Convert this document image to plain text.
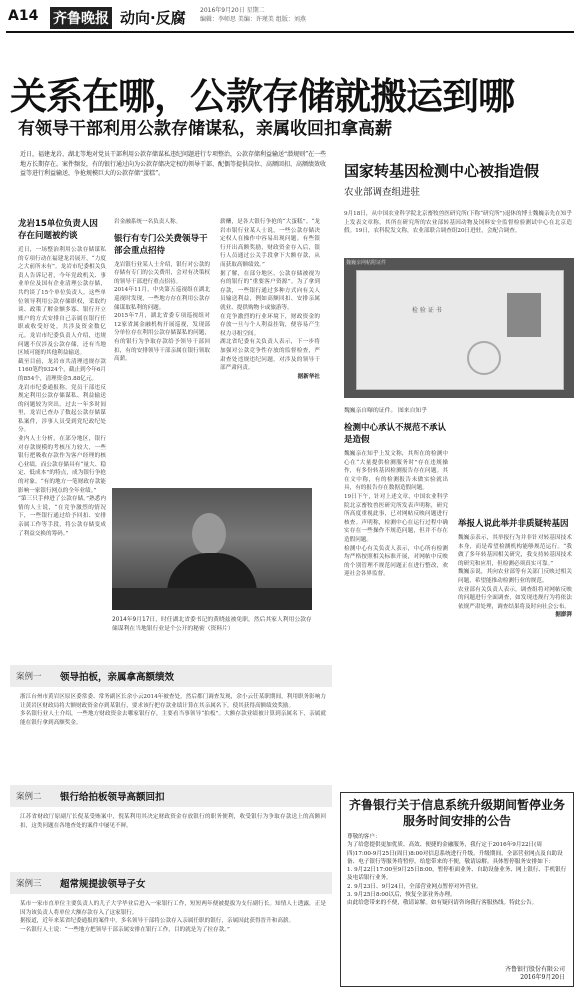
A14 齐鲁晚报 动向·反腐 2016年9月20日 星期二
编辑：李师思 美编：许瑾美 组版：刘燕
关系在哪，公款存储就搬运到哪
有领导干部利用公款存储谋私，亲属收回扣拿高薪
近日，福建龙岩、湖北等地对党员干部利用公款存储谋私违纪问题进行专项整治，公款存储利益输送“潜规则”在一些地方长期存在。案件频发，有的银行通过向为公款存储决定权的领导干部、配偶等提供岗位、高额回扣、高额绩效收益等进行利益输送，争抢规模巨大的公款存储“蛋糕”。
龙岩15单位负责人因存在问题被约谈
近日，一场整治利用公款存储谋私的专项行动在福建龙岩展开，“力度之大前所未有”。龙岩市纪委相关负责人告诉记者，今年党政机关、事业单位及国有企业清理公款存储，共约谈了15个单位负责人。这些单位领导利用公款存储职权，采取约谈、政策了解金额多寡、银行开立账户的方式安排自己亲属在银行任职或收受好处，共涉及资金数亿元。龙岩市纪委负责人介绍，违规问题不仅涉及公款存储，还有当地区域可能的其他利益输送。
截至目前，龙岩市共清理违规存款1160笔约9324个，截止到今年6月的854个，清理资金5.88亿元。
龙岩市纪委通报称，党员干部违反规定利用公款存储谋私、利益输送的问题较为突出。过去一年多时间里，龙岩已查办了数起公款存储谋私案件，涉事人员受到党纪政纪处分。
业内人士分析，在部分地区，银行对存款规模的考核压力较大，一些银行把吸收存款作为客户经理的核心业绩，而公款存储具有“量大、稳定、低成本”的特点，成为银行争抢的对象。“有的地方一笔财政存款能影响一家银行网点的全年业绩。”
“第三只手伸进了公款存储。”熟悉内情的人士说，“在竞争激烈的情况下，一些银行通过给予回扣、安排亲属工作等手段，将公款存储变成了利益交换的筹码。”
岩金融系统一名负责人称。
银行有专门公关费领导干部会重点招待
龙岩银行业某人士介绍，银行对公款的存储有专门的公关费用，会对有决策权的领导干部进行重点招待。
2014年11月，中央第五巡视组在湖北巡视时发现，一些地方存在利用公款存储谋取私利的问题。
2015年7月，湖北省委专项巡视组对12家省属金融机构开展巡视，发现部分单位存在利用公款存储谋私的问题，有的银行为争取存款给予领导干部回扣，有的安排领导干部亲属在银行领取高薪。
薪酬，是各大银行争抢的“大蛋糕”。“龙岩市银行业某人士说，一些公款存储决定权人在操作中容易出现问题。有些银行开出高额奖励，财政资金存入后，银行人员通过公关手段拿下大额存款，从而获取高额绩效。”
据了解，在部分地区，公款存储被视为有的银行的“重要客户资源”。为了拿到存款，一些银行通过多种方式向有关人员输送利益，例如高额回扣、安排亲属就业、提供购物卡或旅游等。
在竞争激烈的行业环境下，财政资金的存放一旦与个人利益挂钩，便容易产生权力寻租空间。
湖北省纪委有关负责人表示，下一步将加强对公款竞争性存放的监督检查，严肃查处违规违纪问题，对涉及的领导干部严肃问责。
据新华社
2014年9月17日，时任湖北省委书记的黄晓兹被免职，然后其家人利用公款存储谋利在当地银行业是个公开的秘密（资料片）
案例一 领导拍板，亲属拿高额绩效
浙江台州市黄岩区原区委常委、常务副区长余小云2014年被查处，然后都门调查发现，余小云任某职期间，利用职务影响力让黄岩区财政局将大额财政资金存到某银行，要求该行把存款业绩计算在其亲属名下，使其获得高额绩效奖励。
多名银行业人士介绍，一些地方财政资金去哪家银行存，主要看当事领导“拍板”。大额存款业绩被计算到亲属名下，亲属就能在银行拿到高额奖金。
案例二 银行给拍板领导高额回扣
江苏省财政厅原副厅长倪某受贿案中，倪某利用其决定财政资金存放银行的职务便利，收受银行为争取存款送上的高额回扣，这类问题在各地查处的案件中屡见不鲜。
案例三 超常规提拔领导子女
某市一家市直单位主要负责人的儿子大学毕业后进入一家银行工作，短短两年便被提拔为支行副行长。知情人士透露，正是因为该负责人将单位大额存款存入了这家银行。
据报道，近年来某省纪委通报的案件中，多名领导干部将公款存入亲属任职的银行，亲属因此获得晋升和高薪。
一名银行人士说：“一些地方把领导干部亲属安排在银行工作，目的就是为了拉存款。”
国家转基因检测中心被指造假
农业部调查组进驻
9月18日，从中国农业科学院北京畜牧兽医研究所(下称“研究所”)退休的博士魏巍亲先在知乎上发表文章称，其所在研究所的农业部转基因动物及饲料安全监督检验测试中心在北京造假。19日，农科院发文称，农业部联合调查组20日进驻，会配合调查。
魏巍亲网帖附证件
检 验 证 书
魏巍亲自曝的证件。 图来自知乎
检测中心承认不规范不承认是造假
魏巍亲在知乎上发文称，其所在的检测中心在“大量提供检测服务时”存在违规操作，有多份转基因检测报告存在问题。其在文中称，有的检测报告未做实验就出具，有的报告存在数据造假问题。
19日下午，针对上述文章，中国农业科学院北京畜牧兽医研究所发表声明称，研究所高度重视此事，已对网帖反映问题进行核查。声明称，检测中心在运行过程中确实存在一些操作不规范问题，但并不存在造假问题。
检测中心有关负责人表示，中心所有检测均严格按照相关标准开展，对网帖中反映的个别管理不规范问题正在进行整改，欢迎社会各界监督。
举报人说此举并非质疑转基因
魏巍亲表示，其举报行为并非针对转基因技术本身，而是希望检测机构能够规范运行。“我做了多年转基因相关研究，我支持转基因技术的研究和应用，但检测必须真实可靠。”
魏巍亲说，其向农业部等有关部门反映过相关问题，希望能推动检测行业的规范。
农业部有关负责人表示，调查组将对网帖反映的问题进行全面调查，如发现违规行为将依法依规严肃处理，调查结果将及时向社会公布。
据澎湃
齐鲁银行关于信息系统升级期间暂停业务服务时间安排的公告
尊敬的客户：
为了给您提供更加优质、高效、便捷的金融服务，我行定于2016年9月22日(周四)17:00-9月25日(周日)8:00对信息系统进行升级。升级期间，全部营业网点及自助设备、电子银行等服务将暂停，给您带来的不便，敬请谅解。具体暂停服务安排如下：
1. 9月22日17:00至9月25日8:00，暂停柜面业务、自助设备业务、网上银行、手机银行及电话银行业务。
2. 9月23日、9月24日，全部营业网点暂停对外营业。
3. 9月25日8:00以后，恢复全部业务办理。
由此给您带来的不便，敬请谅解。如有疑问请咨询我行客服热线。特此公告。
齐鲁银行股份有限公司
2016年9月20日
